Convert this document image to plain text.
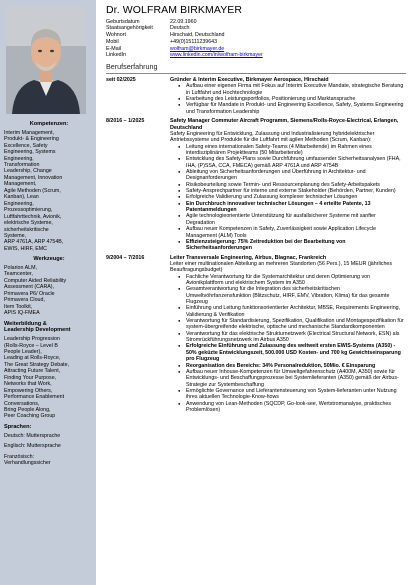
Kompetenzen:
Interim Management,
Produkt- & Engineering
Excellence, Safety
Engineering, Systems
Engineering,
Transformation
Leadership, Change
Management, Innovation
Management,
Agile Methoden (Scrum,
Kanban), Lean
Engineering,
Prozessoptimierung,
Luftfahrttechnik, Avionik,
elektrische Systeme,
sicherheitskritische
Systeme,
ARP 4761A, ARP 4754B,
EWIS, HIRF, EMC
Werkzeuge:
Polarion ALM,
Teamcenter,
Computer Aided Reliability
Assessment (CARA),
Primavera P6/ Oracle
Primavera Cloud,
Item Toolkit,
APIS IQ-FMEA
Weiterbildung &
Leadership Development
Leadership Progression
(Rolls-Royce – Level B
People Leader),
Leading at Rolls-Royce,
The Great Strategy Debate,
Attracting Future Talent,
Finding Your Purpose,
Networks that Work,
Empowering Others,
Performance Enablement
Conversations,
Bring People Along,
Peer Coaching Group
Sprachen:
Deutsch: Muttersprache
Englisch: Muttersprache
Französisch:
Verhandlungssicher
Dr. WOLFRAM BIRKMAYER
Geburtsdatum	22.09.1960
Staatsangehörigkeit	Deutsch
Wohnort	Hirschaid, Deutschland
Mobil	+49(0)15111239643
E-Mail	wolfram@birkmayer.de
LinkedIn	www.linkedin.com/in/wolfram-birkmayer
Berufserfahrung
seit 02/2025	Gründer & Interim Executive, Birkmayer Aerospace, Hirschaid
● Aufbau einer eigenen Firma mit Fokus auf Interim Executive Mandate, strategische Beratung in Luftfahrt und Hochtechnologie
● Erarbeitung des Leistungsportfolios, Positionierung und Marktansprache
● Verfügbar für Mandate in Produkt- und Engineering Excellence, Safety, Systems Engineering und Transformation Leadership
8/2016 – 1/2025	Safety Manager Commuter Aircraft Programm, Siemens/Rolls-Royce-Electrical, Erlangen, Deutschland
Safety Engineering für Entwicklung, Zulassung und Industrialisierung hybridelektrischer Antriebssysteme und Produkte für die Luftfahrt mit agilen Methoden (Scrum, Kanban):
● Leitung eines internationalen Safety-Teams (4 Mitarbeitende) im Rahmen eines interdisziplinären Projektteams (50 Mitarbeitende)
● Entwicklung des Safety-Plans sowie Durchführung umfassender Sicherheitsanalysen (FHA, IHA, (P)SSA, CCA, FMECA) gemäß ARP 4761A und ARP 4754B
● Ableitung von Sicherheitsanforderungen und Überführung in Architektur- und Designanforderungen
● Risikobeurteilung sowie Termin- und Ressourcenplanung des Safety-Arbeitspakets
● Safety-Ansprechpartner für interne und externe Stakeholder (Behörden, Partner, Kunden)
● Erfolgreiche Validierung und Zulassung komplexer technischer Lösungen
● Ein Durchbruch innovativer technischer Lösungen – 4 erteilte Patente, 13 Patentanmeldungen
● Agile technologieorientierte Unterstützung für ausfallsicherer Systeme mit sanfter Degradation
● Aufbau neuer Kompetenzen in Safety, Zuverlässigkeit sowie Application Lifecycle Management (ALM) Tools
● Effizienzsteigerung: 75% Zeitreduktion bei der Bearbeitung von Sicherheitsanforderungen
9/2004 – 7/2016	Leiter Transversale Engineering, Airbus, Blagnac, Frankreich
Leiter einer multinationalen Abteilung an mehreren Standorten (56 Pers.), 15 MEUR (jährliches Beauftragungsbudget)
● Fachliche Verantwortung für die Systemarchitektur und deren Optimierung von Avionikplattform und elektrischem System im A350
● Gesamtverantwortung für die Integration des sicherheitskritischen Umweltvöhrfanzensfunktion (Blitzschutz, HIRF, EMV, Vibration, Klima) für das gesamte Flugzeug
● Einführung und Leitung funktionsorientierter Architektur, MBSE, Requirements Engineering, Validierung & Verifikation
● Verantwortung für Standardisierung, Spezifikation, Qualifikation und Montagespezifikation für system-übergreifende elektrische, optische und mechanische Standardkomponenten
● Verantwortung für das elektrische Strukturnetzwerk (Electrical Structural Network, ESN) als Stromrückführungsnetzwerk im Airbus A350
● Erfolgreiche Einführung und Zulassung des weltweit ersten EWIS-Systems (A350) - 50% geküzte Entwicklungszeit, 500.000 USD Kosten- und 700 kg Gewichtseinsparung pro Flugzeug
● Reorganisation des Bereichs: 34% Personalreduktion, 50Mio. € Einsparung
● Aufbau neuer Inhouse-Kompetenzen für Umweltgefahrenschutz (A400M, A350) sowie für Entwicklungs- und Beschaffungsprozesse bei Systemlieferanten (A350) gemäß der Airbus-Strategie zur Systembeschaffung
● Ermöglichte Governance und Lieferantensteuerung von System-lieferanten unter Nutzung ihres aktuellen Technologie-Know-hows
● Anwendung von Lean-Methoden (SQCDP, Go-look-see, Wertstromanalyse, praktisches Problemlösen)
